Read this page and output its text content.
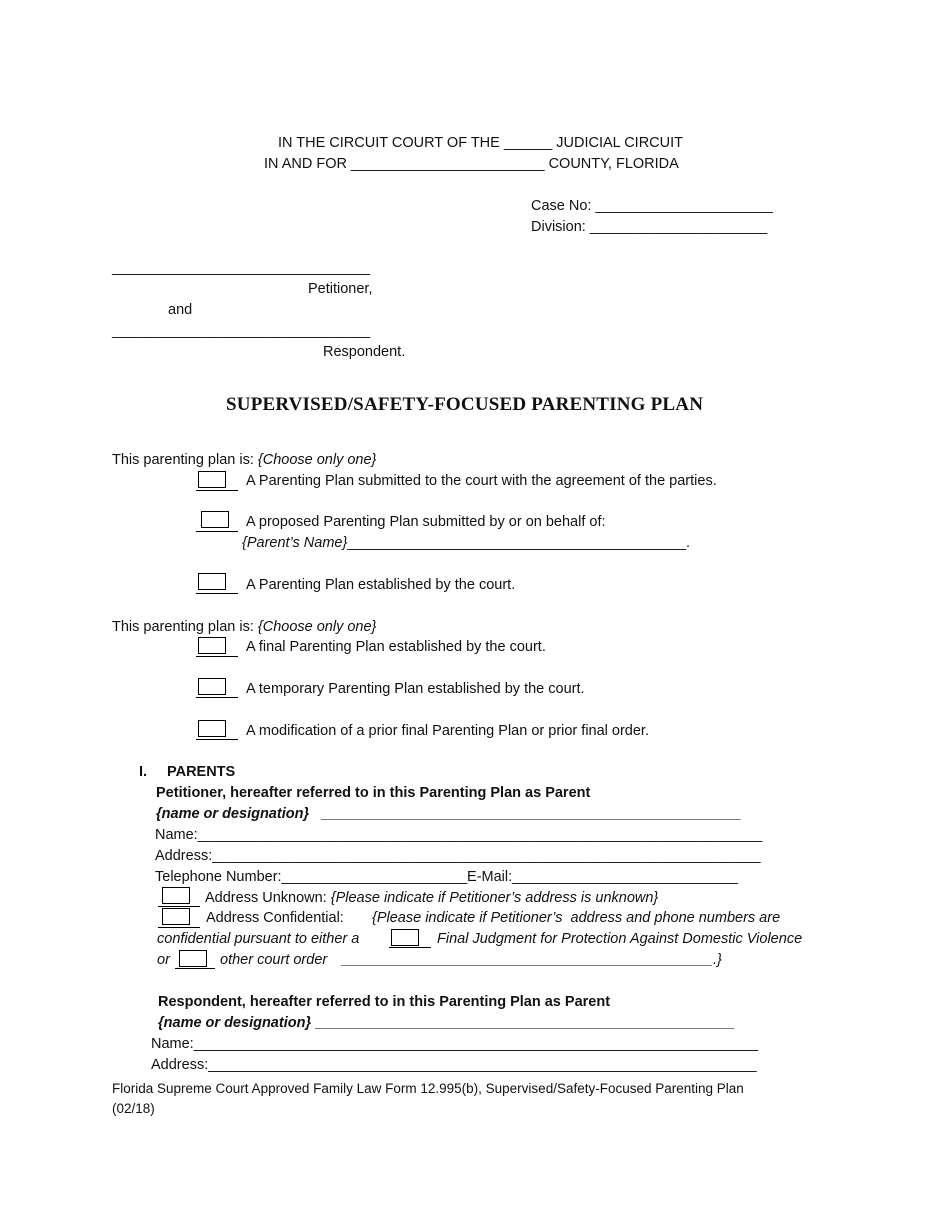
IN THE CIRCUIT COURT OF THE ______ JUDICIAL CIRCUIT
IN AND FOR ________________________ COUNTY, FLORIDA
Case No: ______________________
Division: ______________________
________________________________
Petitioner,
and
________________________________
Respondent.
SUPERVISED/SAFETY-FOCUSED PARENTING PLAN
This parenting plan is: {Choose only one}
A Parenting Plan submitted to the court with the agreement of the parties.
A proposed Parenting Plan submitted by or on behalf of:
{Parent’s Name}__________________________________________.
A Parenting Plan established by the court.
This parenting plan is: {Choose only one}
A final Parenting Plan established by the court.
A temporary Parenting Plan established by the court.
A modification of a prior final Parenting Plan or prior final order.
I. PARENTS
Petitioner, hereafter referred to in this Parenting Plan as Parent
{name or designation}   ____________________________________________________
Name:______________________________________________________________________
Address:____________________________________________________________________
Telephone Number:_______________________E-Mail:____________________________
Address Unknown: {Please indicate if Petitioner’s address is unknown}
Address Confidential: {Please indicate if Petitioner’s  address and phone numbers are
confidential pursuant to either a	Final Judgment for Protection Against Domestic Violence
or	other court order ______________________________________________.}
Respondent, hereafter referred to in this Parenting Plan as Parent
{name or designation} ____________________________________________________
Name:______________________________________________________________________
Address:____________________________________________________________________
Florida Supreme Court Approved Family Law Form 12.995(b), Supervised/Safety-Focused Parenting Plan
(02/18)
